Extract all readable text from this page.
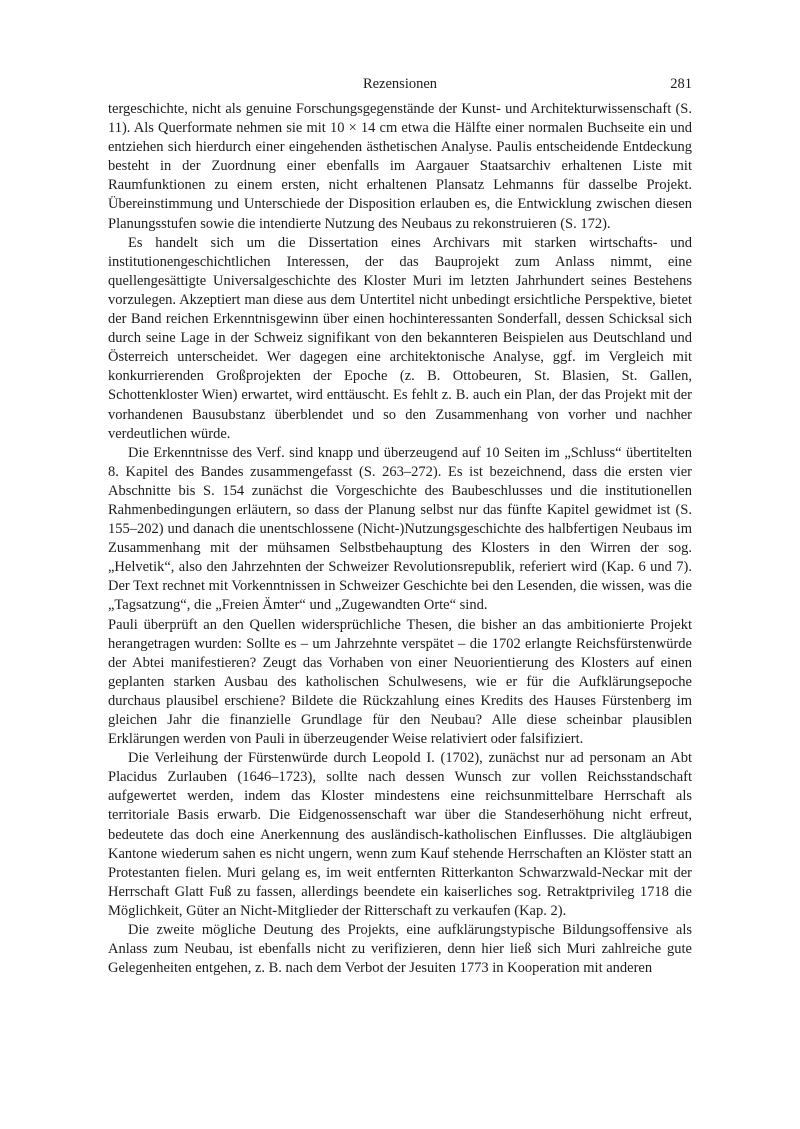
Rezensionen	281

tergeschichte, nicht als genuine Forschungsgegenstände der Kunst- und Architekturwissenschaft (S. 11). Als Querformate nehmen sie mit 10 × 14 cm etwa die Hälfte einer normalen Buchseite ein und entziehen sich hierdurch einer eingehenden ästhetischen Analyse. Paulis entscheidende Entdeckung besteht in der Zuordnung einer ebenfalls im Aargauer Staatsarchiv erhaltenen Liste mit Raumfunktionen zu einem ersten, nicht erhaltenen Plansatz Lehmanns für dasselbe Projekt. Übereinstimmung und Unterschiede der Disposition erlauben es, die Entwicklung zwischen diesen Planungsstufen sowie die intendierte Nutzung des Neubaus zu rekonstruieren (S. 172).

Es handelt sich um die Dissertation eines Archivars mit starken wirtschafts- und institutionengeschichtlichen Interessen, der das Bauprojekt zum Anlass nimmt, eine quellengesättigte Universalgeschichte des Kloster Muri im letzten Jahrhundert seines Bestehens vorzulegen. Akzeptiert man diese aus dem Untertitel nicht unbedingt ersichtliche Perspektive, bietet der Band reichen Erkenntnisgewinn über einen hochinteressanten Sonderfall, dessen Schicksal sich durch seine Lage in der Schweiz signifikant von den bekannteren Beispielen aus Deutschland und Österreich unterscheidet. Wer dagegen eine architektonische Analyse, ggf. im Vergleich mit konkurrierenden Großprojekten der Epoche (z. B. Ottobeuren, St. Blasien, St. Gallen, Schottenkloster Wien) erwartet, wird enttäuscht. Es fehlt z. B. auch ein Plan, der das Projekt mit der vorhandenen Bausubstanz überblendet und so den Zusammenhang von vorher und nachher verdeutlichen würde.

Die Erkenntnisse des Verf. sind knapp und überzeugend auf 10 Seiten im „Schluss“ übertitelten 8. Kapitel des Bandes zusammengefasst (S. 263–272). Es ist bezeichnend, dass die ersten vier Abschnitte bis S. 154 zunächst die Vorgeschichte des Baubeschlusses und die institutionellen Rahmenbedingungen erläutern, so dass der Planung selbst nur das fünfte Kapitel gewidmet ist (S. 155–202) und danach die unentschlossene (Nicht-)Nutzungsgeschichte des halbfertigen Neubaus im Zusammenhang mit der mühsamen Selbstbehauptung des Klosters in den Wirren der sog. „Helvetik“, also den Jahrzehnten der Schweizer Revolutionsrepublik, referiert wird (Kap. 6 und 7). Der Text rechnet mit Vorkenntnissen in Schweizer Geschichte bei den Lesenden, die wissen, was die „Tagsatzung“, die „Freien Ämter“ und „Zugewandten Orte“ sind.

Pauli überprüft an den Quellen widersprüchliche Thesen, die bisher an das ambitionierte Projekt herangetragen wurden: Sollte es – um Jahrzehnte verspätet – die 1702 erlangte Reichsfürstenwürde der Abtei manifestieren? Zeugt das Vorhaben von einer Neuorientierung des Klosters auf einen geplanten starken Ausbau des katholischen Schulwesens, wie er für die Aufklärungsepoche durchaus plausibel erschiene? Bildete die Rückzahlung eines Kredits des Hauses Fürstenberg im gleichen Jahr die finanzielle Grundlage für den Neubau? Alle diese scheinbar plausiblen Erklärungen werden von Pauli in überzeugender Weise relativiert oder falsifiziert.

Die Verleihung der Fürstenwürde durch Leopold I. (1702), zunächst nur ad personam an Abt Placidus Zurlauben (1646–1723), sollte nach dessen Wunsch zur vollen Reichsstandschaft aufgewertet werden, indem das Kloster mindestens eine reichsunmittelbare Herrschaft als territoriale Basis erwarb. Die Eidgenossenschaft war über die Standeserhöhung nicht erfreut, bedeutete das doch eine Anerkennung des ausländisch-katholischen Einflusses. Die altgläubigen Kantone wiederum sahen es nicht ungern, wenn zum Kauf stehende Herrschaften an Klöster statt an Protestanten fielen. Muri gelang es, im weit entfernten Ritterkanton Schwarzwald-Neckar mit der Herrschaft Glatt Fuß zu fassen, allerdings beendete ein kaiserliches sog. Retraktprivileg 1718 die Möglichkeit, Güter an Nicht-Mitglieder der Ritterschaft zu verkaufen (Kap. 2).

Die zweite mögliche Deutung des Projekts, eine aufklärungstypische Bildungsoffensive als Anlass zum Neubau, ist ebenfalls nicht zu verifizieren, denn hier ließ sich Muri zahlreiche gute Gelegenheiten entgehen, z. B. nach dem Verbot der Jesuiten 1773 in Kooperation mit anderen
